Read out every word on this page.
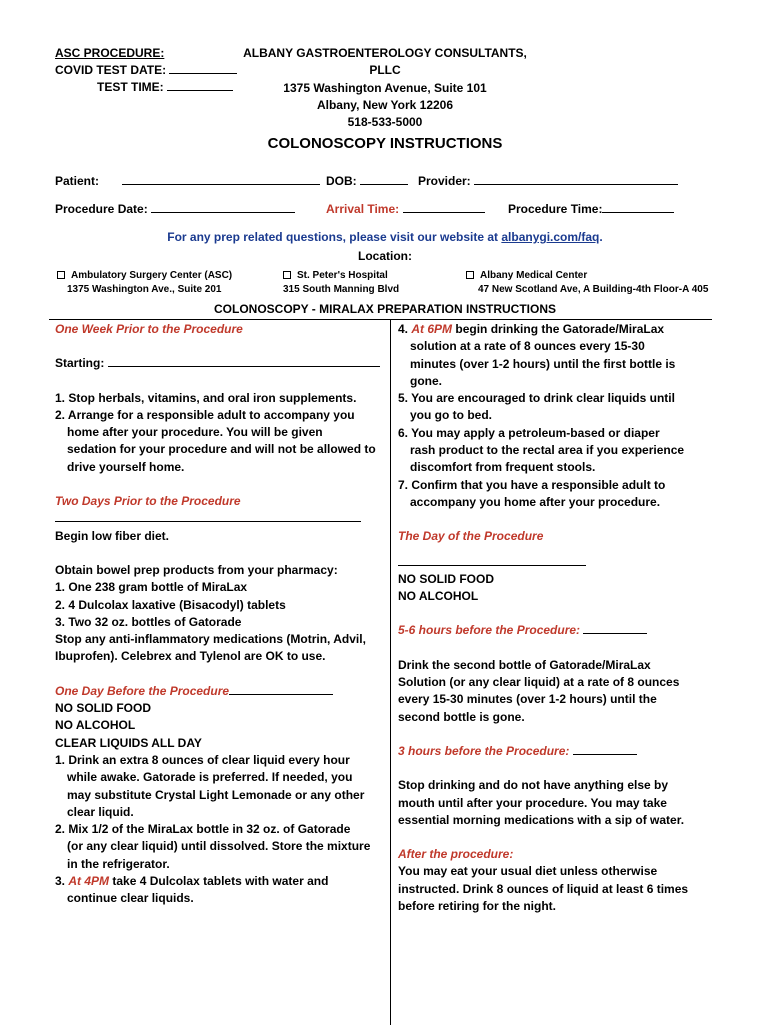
ASC PROCEDURE:
COVID TEST DATE:
TEST TIME:
ALBANY GASTROENTEROLOGY CONSULTANTS, PLLC
1375 Washington Avenue, Suite 101
Albany, New York 12206
518-533-5000
COLONOSCOPY INSTRUCTIONS
Patient:	DOB:	Provider:
Procedure Date:	Arrival Time:	Procedure Time:
For any prep related questions, please visit our website at albanygi.com/faq.
Location:
Ambulatory Surgery Center (ASC)
1375 Washington Ave., Suite 201
St. Peter's Hospital
315 South Manning Blvd
Albany Medical Center
47 New Scotland Ave, A Building-4th Floor-A 405
COLONOSCOPY - MIRALAX PREPARATION INSTRUCTIONS
One Week Prior to the Procedure
Starting:
1. Stop herbals, vitamins, and oral iron supplements.
2. Arrange for a responsible adult to accompany you
home after your procedure. You will be given
sedation for your procedure and will not be allowed to
drive yourself home.
Two Days Prior to the Procedure
Begin low fiber diet.
Obtain bowel prep products from your pharmacy:
1. One 238 gram bottle of MiraLax
2. 4 Dulcolax laxative (Bisacodyl) tablets
3. Two 32 oz. bottles of Gatorade
Stop any anti-inflammatory medications (Motrin, Advil,
Ibuprofen). Celebrex and Tylenol are OK to use.
One Day Before the Procedure
NO SOLID FOOD
NO ALCOHOL
CLEAR LIQUIDS ALL DAY
1. Drink an extra 8 ounces of clear liquid every hour
while awake. Gatorade is preferred. If needed, you
may substitute Crystal Light Lemonade or any other
clear liquid.
2. Mix 1/2 of the MiraLax bottle in 32 oz. of Gatorade
(or any clear liquid) until dissolved. Store the mixture
in the refrigerator.
3. At 4PM take 4 Dulcolax tablets with water and
continue clear liquids.
4. At 6PM begin drinking the Gatorade/MiraLax
solution at a rate of 8 ounces every 15-30
minutes (over 1-2 hours) until the first bottle is
gone.
5. You are encouraged to drink clear liquids until
you go to bed.
6. You may apply a petroleum-based or diaper
rash product to the rectal area if you experience
discomfort from frequent stools.
7. Confirm that you have a responsible adult to
accompany you home after your procedure.
The Day of the Procedure
NO SOLID FOOD
NO ALCOHOL
5-6 hours before the Procedure:
Drink the second bottle of Gatorade/MiraLax
Solution (or any clear liquid) at a rate of 8 ounces
every 15-30 minutes (over 1-2 hours) until the
second bottle is gone.
3 hours before the Procedure:
Stop drinking and do not have anything else by
mouth until after your procedure. You may take
essential morning medications with a sip of water.
After the procedure:
You may eat your usual diet unless otherwise
instructed. Drink 8 ounces of liquid at least 6 times
before retiring for the night.
